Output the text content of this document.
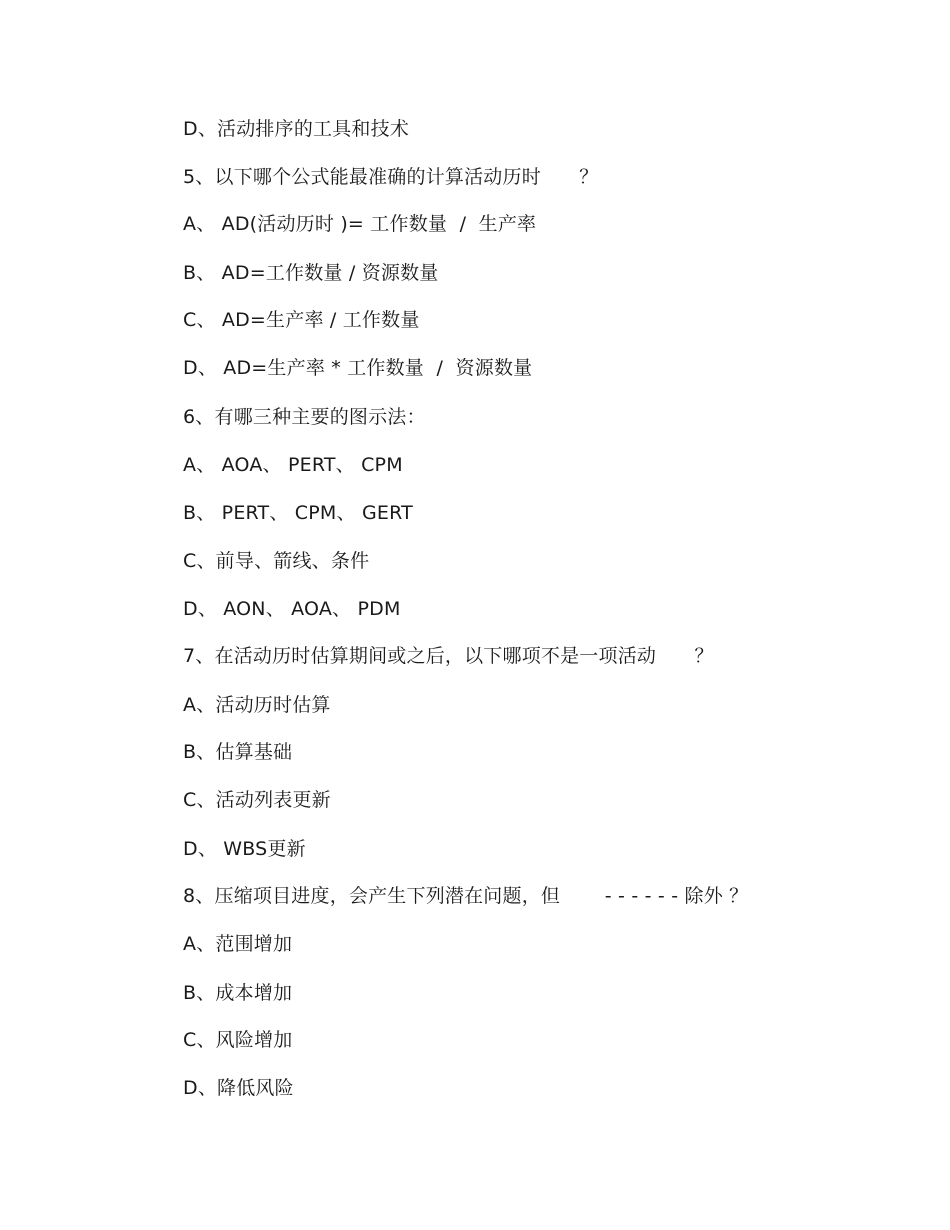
D、活动排序的工具和技术
5、以下哪个公式能最准确的计算活动历时　　？
A、 AD(活动历时 )= 工作数量  /  生产率
B、 AD=工作数量 / 资源数量
C、 AD=生产率 / 工作数量
D、 AD=生产率 * 工作数量  /  资源数量
6、有哪三种主要的图示法：
A、 AOA、 PERT、 CPM
B、 PERT、 CPM、 GERT
C、前导、箭线、条件
D、 AON、 AOA、 PDM
7、在活动历时估算期间或之后，以下哪项不是一项活动　　？
A、活动历时估算
B、估算基础
C、活动列表更新
D、 WBS更新
8、压缩项目进度，会产生下列潜在问题，但　　 - - - - - - 除外 ？
A、范围增加
B、成本增加
C、风险增加
D、降低风险
